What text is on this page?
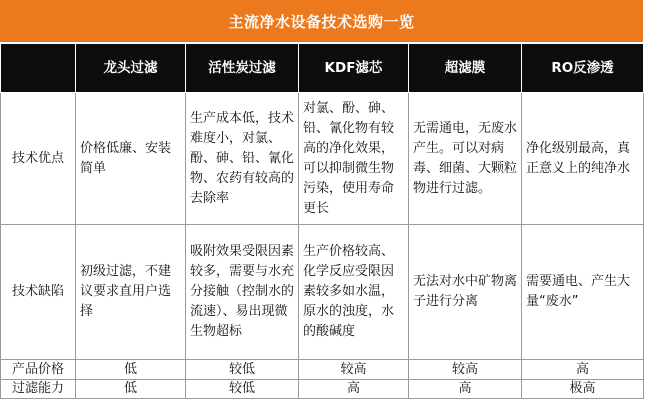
主流净水设备技术选购一览
	龙头过滤	活性炭过滤	KDF滤芯	超滤膜	RO反渗透
技术优点	价格低廉、安装简单	生产成本低，技术难度小，对氯、酚、砷、铅、氰化物、农药有较高的去除率	对氯、酚、砷、铅、氰化物有较高的净化效果，可以抑制微生物污染，使用寿命更长	无需通电，无废水产生。可以对病毒、细菌、大颗粒物进行过滤。	净化级别最高，真正意义上的纯净水
技术缺陷	初级过滤，不建议要求直用户选择	吸附效果受限因素较多，需要与水充分接触（控制水的流速）、易出现微生物超标	生产价格较高、化学反应受限因素较多如水温，原水的浊度，水的酸碱度	无法对水中矿物离子进行分离	需要通电、产生大量“废水”
产品价格	低	较低	较高	较高	高
过滤能力	低	较低	高	高	极高
